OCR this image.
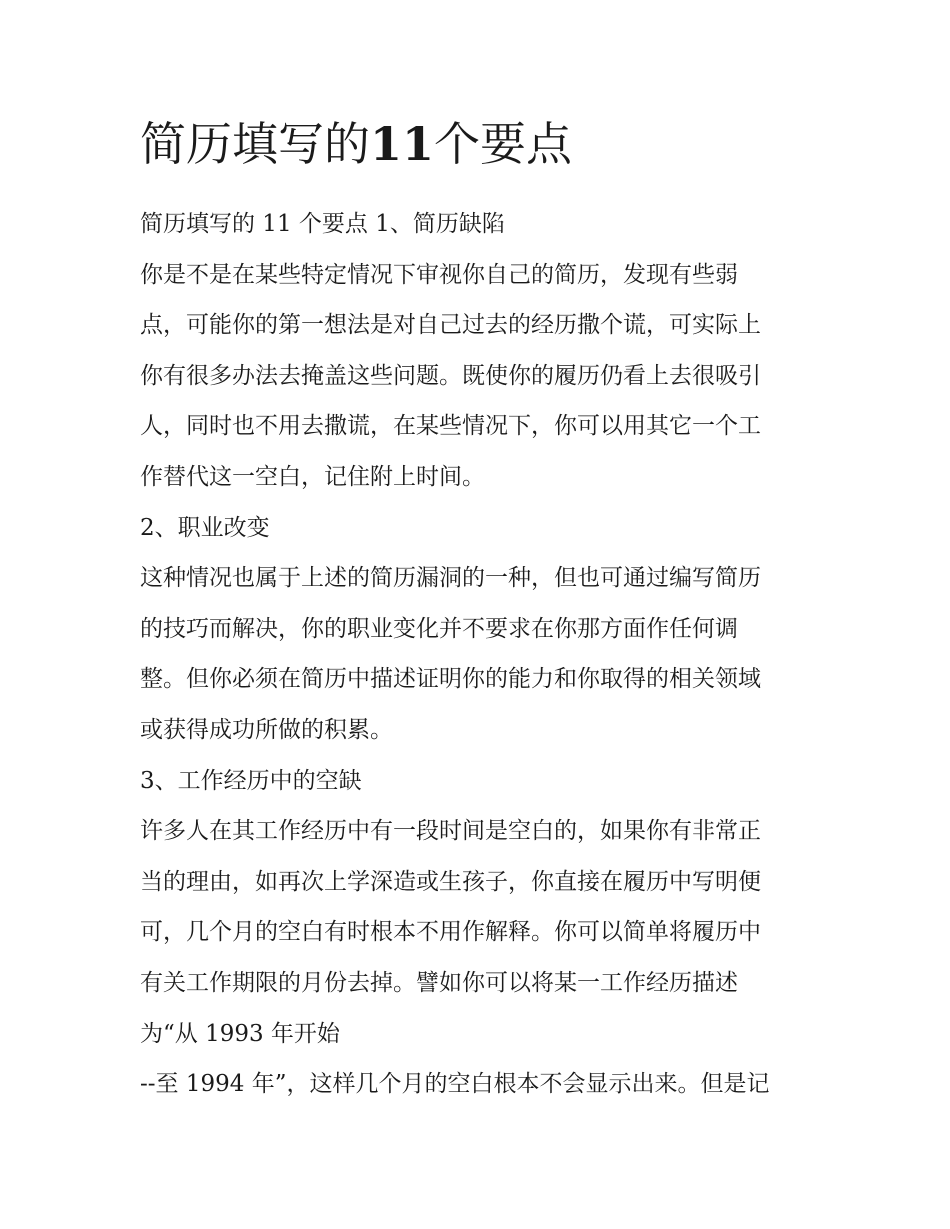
简历填写的11个要点
简历填写的 11 个要点 1、简历缺陷
你是不是在某些特定情况下审视你自己的简历，发现有些弱
点，可能你的第一想法是对自己过去的经历撒个谎，可实际上
你有很多办法去掩盖这些问题。既使你的履历仍看上去很吸引
人，同时也不用去撒谎，在某些情况下，你可以用其它一个工
作替代这一空白，记住附上时间。
2、职业改变
这种情况也属于上述的简历漏洞的一种，但也可通过编写简历
的技巧而解决，你的职业变化并不要求在你那方面作任何调
整。但你必须在简历中描述证明你的能力和你取得的相关领域
或获得成功所做的积累。
3、工作经历中的空缺
许多人在其工作经历中有一段时间是空白的，如果你有非常正
当的理由，如再次上学深造或生孩子，你直接在履历中写明便
可，几个月的空白有时根本不用作解释。你可以简单将履历中
有关工作期限的月份去掉。譬如你可以将某一工作经历描述
为“从 1993 年开始
--至 1994 年”，这样几个月的空白根本不会显示出来。但是记
